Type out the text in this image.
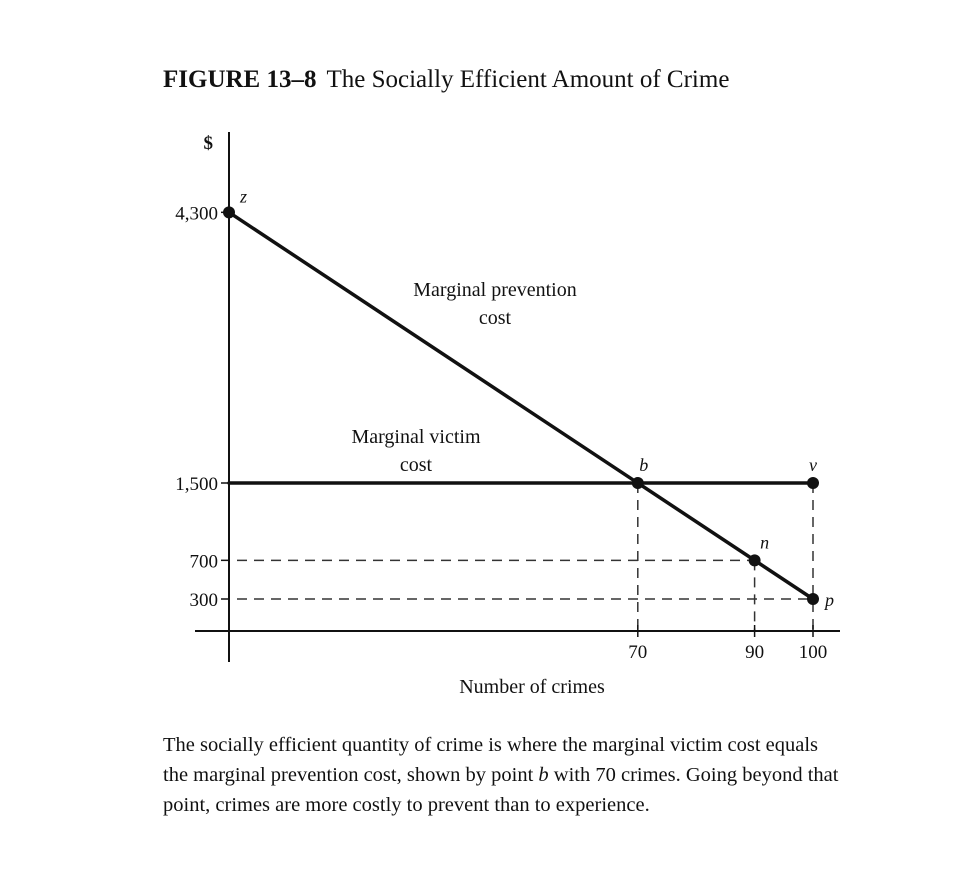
FIGURE 13–8 The Socially Efficient Amount of Crime
300
700
1,500
4,300
$
70	90 100
Number of crimes
Marginal prevention
cost
Marginal victim
cost
z
b	v
n
p
The socially efficient quantity of crime is where the marginal victim cost equals the marginal prevention cost, shown by point b with 70 crimes. Going beyond that point, crimes are more costly to prevent than to experience.
